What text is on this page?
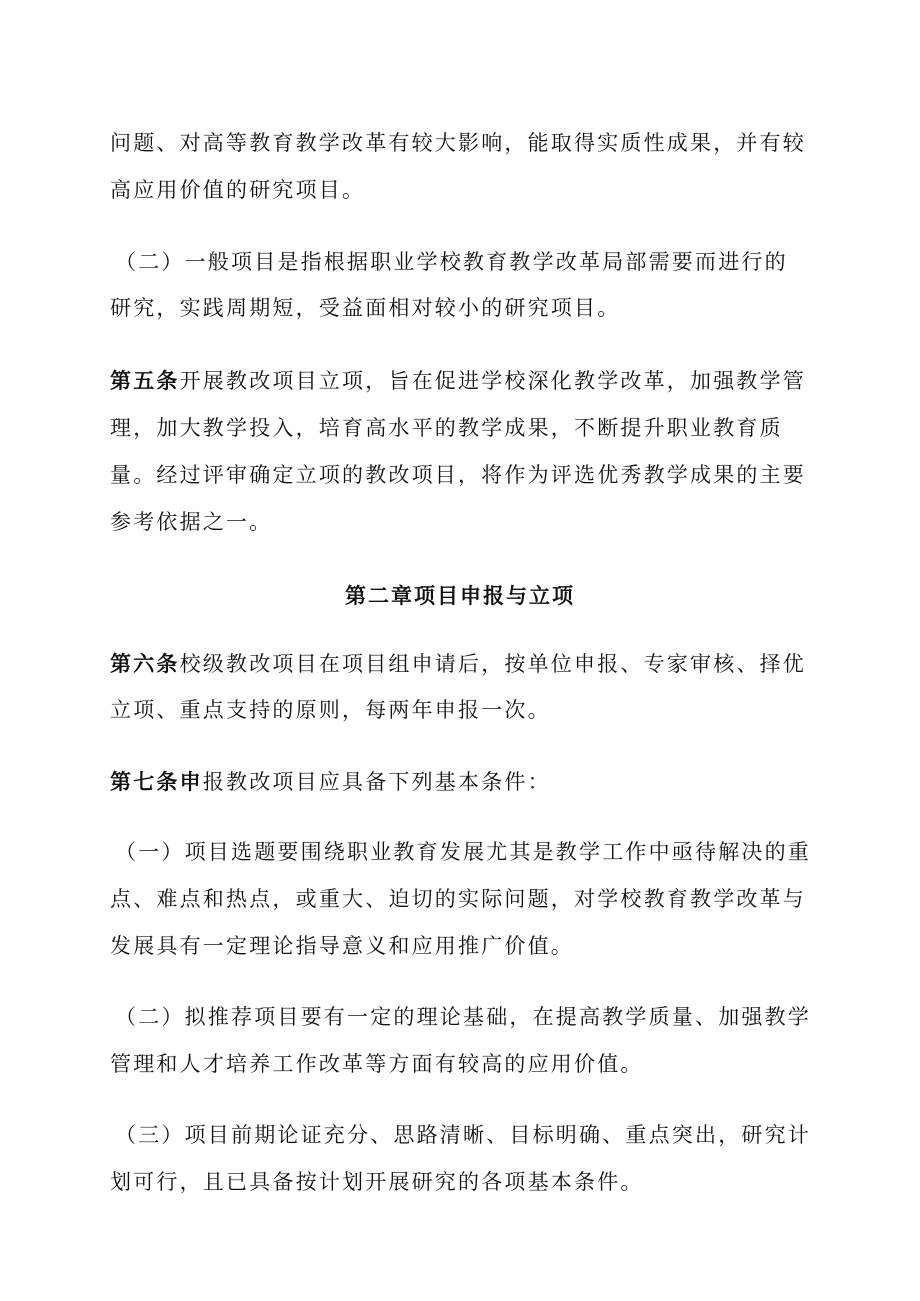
问题、对高等教育教学改革有较大影响，能取得实质性成果，并有较
高应用价值的研究项目。
（二）一般项目是指根据职业学校教育教学改革局部需要而进行的
研究，实践周期短，受益面相对较小的研究项目。
第五条开展教改项目立项，旨在促进学校深化教学改革，加强教学管
理，加大教学投入，培育高水平的教学成果，不断提升职业教育质
量。经过评审确定立项的教改项目，将作为评选优秀教学成果的主要
参考依据之一。
第二章项目申报与立项
第六条校级教改项目在项目组申请后，按单位申报、专家审核、择优
立项、重点支持的原则，每两年申报一次。
第七条申报教改项目应具备下列基本条件：
（一）项目选题要围绕职业教育发展尤其是教学工作中亟待解决的重
点、难点和热点，或重大、迫切的实际问题，对学校教育教学改革与
发展具有一定理论指导意义和应用推广价值。
（二）拟推荐项目要有一定的理论基础，在提高教学质量、加强教学
管理和人才培养工作改革等方面有较高的应用价值。
（三）项目前期论证充分、思路清晰、目标明确、重点突出，研究计
划可行，且已具备按计划开展研究的各项基本条件。
